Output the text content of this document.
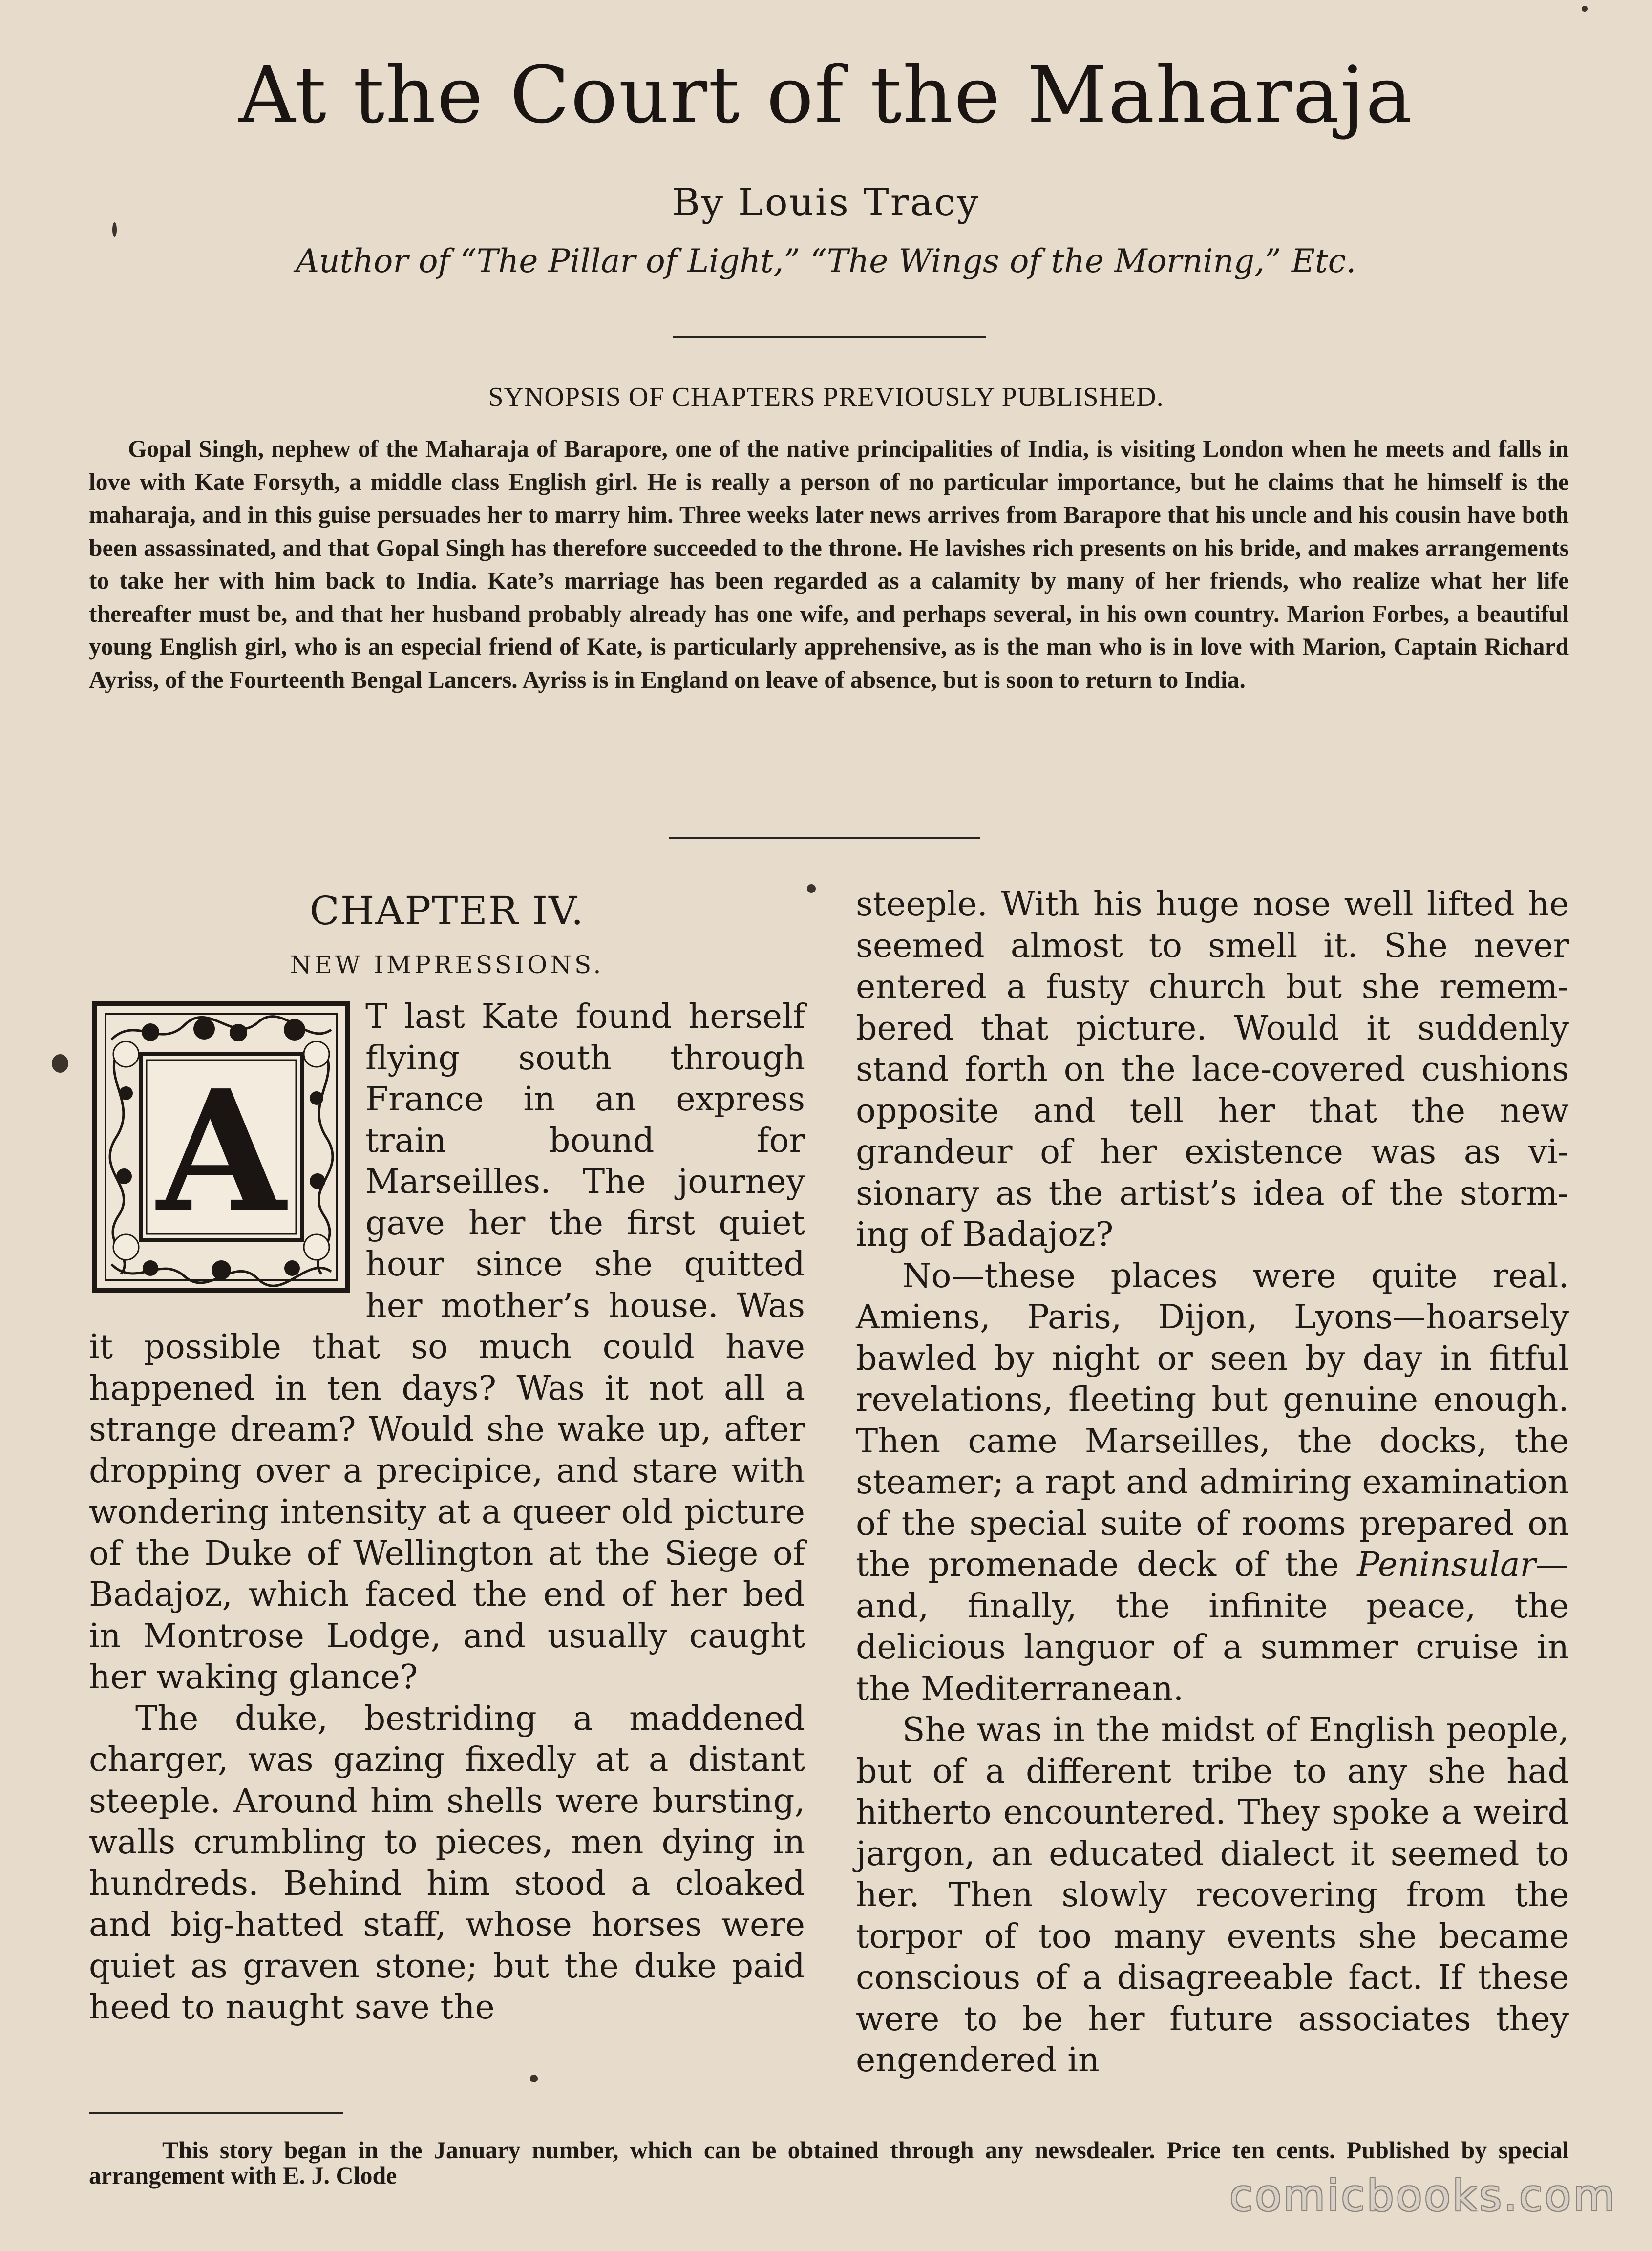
At the Court of the Maharaja
By Louis Tracy
Author of “The Pillar of Light,” “The Wings of the Morning,” Etc.
SYNOPSIS OF CHAPTERS PREVIOUSLY PUBLISHED.

Gopal Singh, nephew of the Maharaja of Barapore, one of the native principalities of India, is visiting London when he meets and falls in love with Kate Forsyth, a middle class English girl. He is really a person of no particular importance, but he claims that he himself is the maharaja, and in this guise persuades her to marry him. Three weeks later news arrives from Barapore that his uncle and his cousin have both been assassinated, and that Gopal Singh has therefore succeeded to the throne. He lavishes rich presents on his bride, and makes arrangements to take her with him back to India. Kate’s marriage has been regarded as a calamity by many of her friends, who realize what her life thereafter must be, and that her husband probably already has one wife, and perhaps several, in his own country. Marion Forbes, a beautiful young English girl, who is an especial friend of Kate, is particularly apprehensive, as is the man who is in love with Marion, Captain Richard Ayriss, of the Fourteenth Bengal Lancers. Ayriss is in England on leave of absence, but is soon to return to India.

CHAPTER IV.
NEW IMPRESSIONS.
A

T last Kate found herself flying south through France in an express train bound for Marseilles. The journey gave her the first quiet hour since she quitted her mother’s house. Was it possible that so much could have happened in ten days? Was it not all a strange dream? Would she wake up, after dropping over a precipice, and stare with wondering intensity at a queer old picture of the Duke of Wellington at the Siege of Badajoz, which faced the end of her bed in Montrose Lodge, and usually caught her waking glance?

The duke, bestriding a maddened charger, was gazing fixedly at a distant steeple. Around him shells were bursting, walls crumbling to pieces, men dying in hundreds. Behind him stood a cloaked and big-hatted staff, whose horses were quiet as graven stone; but the duke paid heed to naught save the

steeple. With his huge nose well lifted he seemed almost to smell it. She never entered a fusty church but she remembered that picture. Would it suddenly stand forth on the lace-covered cushions opposite and tell her that the new grandeur of her existence was as visionary as the artist’s idea of the storming of Badajoz?

No—these places were quite real. Amiens, Paris, Dijon, Lyons—hoarsely bawled by night or seen by day in fitful revelations, fleeting but genuine enough. Then came Marseilles, the docks, the steamer; a rapt and admiring examination of the special suite of rooms prepared on the promenade deck of the Peninsular—and, finally, the infinite peace, the delicious languor of a summer cruise in the Mediterranean.

She was in the midst of English people, but of a different tribe to any she had hitherto encountered. They spoke a weird jargon, an educated dialect it seemed to her. Then slowly recovering from the torpor of too many events she became conscious of a disagreeable fact. If these were to be her future associates they engendered in

This story began in the January number, which can be obtained through any newsdealer. Price ten cents. Published by special arrangement with E. J. Clode	comicbooks.com
